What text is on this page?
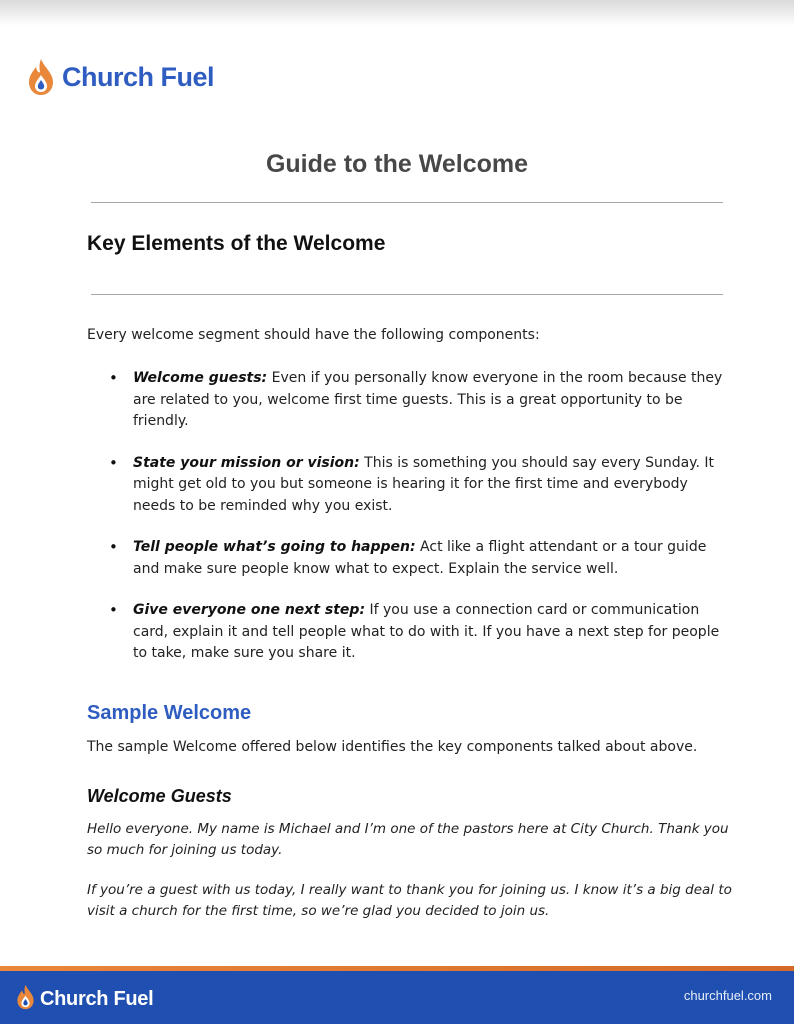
Church Fuel
Guide to the Welcome
Key Elements of the Welcome

Every welcome segment should have the following components:

• Welcome guests: Even if you personally know everyone in the room because they are related to you, welcome first time guests. This is a great opportunity to be friendly.
• State your mission or vision: This is something you should say every Sunday. It might get old to you but someone is hearing it for the first time and everybody needs to be reminded why you exist.
• Tell people what’s going to happen: Act like a flight attendant or a tour guide and make sure people know what to expect. Explain the service well.
• Give everyone one next step: If you use a connection card or communication card, explain it and tell people what to do with it. If you have a next step for people to take, make sure you share it.
Sample Welcome

The sample Welcome offered below identifies the key components talked about above.

Welcome Guests

Hello everyone. My name is Michael and I’m one of the pastors here at City Church. Thank you so much for joining us today.

If you’re a guest with us today, I really want to thank you for joining us. I know it’s a big deal to visit a church for the first time, so we’re glad you decided to join us.

Church Fuel	churchfuel.com
